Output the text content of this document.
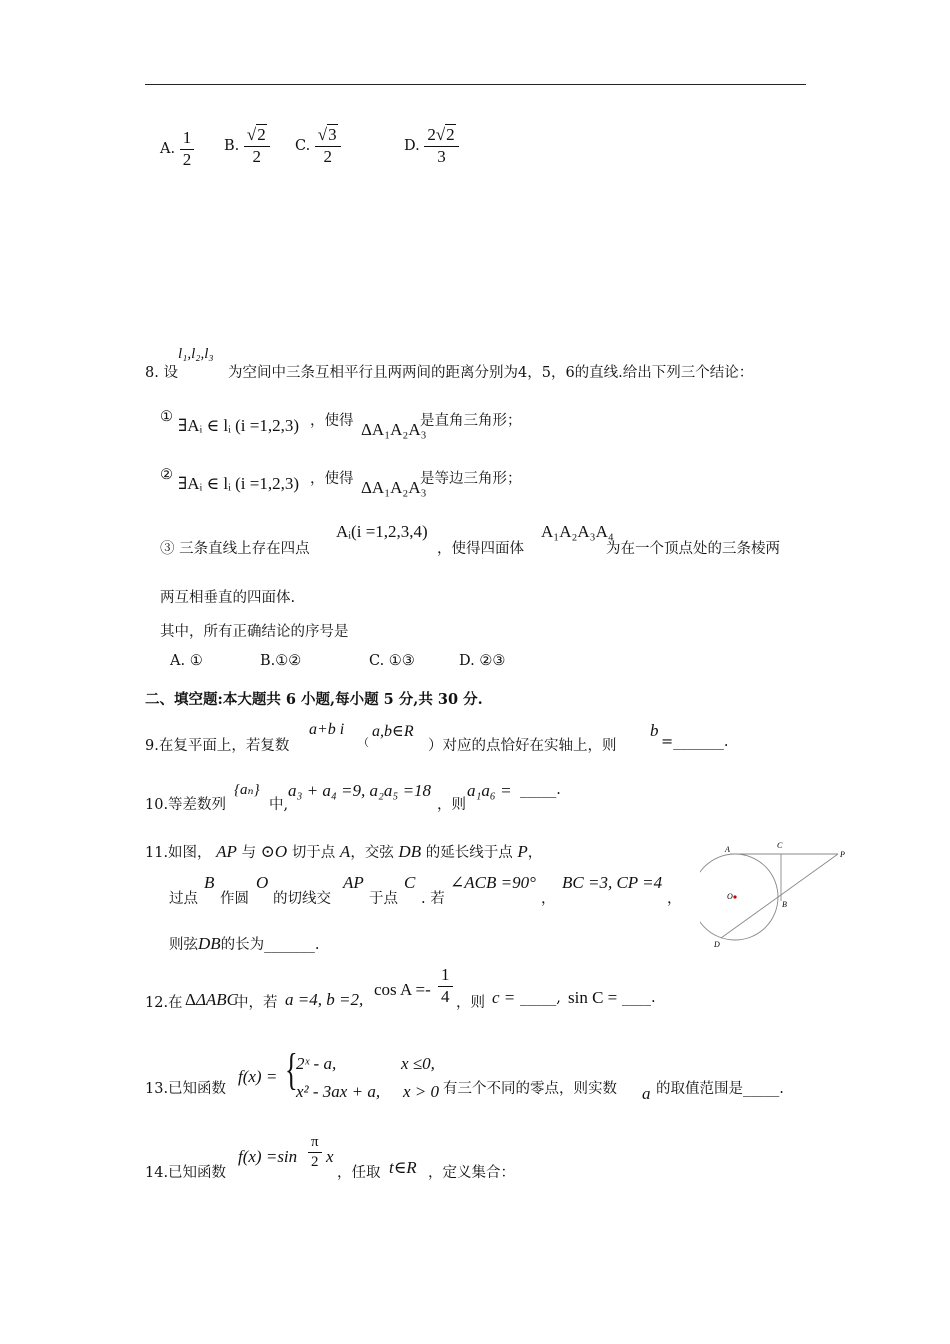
A. $\frac{1}{2} B$. $\frac{√2}{2} C$. $\frac{√3}{2}$	D. $\frac{2√2}{3}$
8. 设
l₁,l₂,l₃
为空间中三条互相平行且两两间的距离分别为4，5，6的直线.给出下列三个结论：
① ∃Aᵢ ∈ lᵢ (i =1,2,3) ，使得 ΔA₁A₂A₃
是直角三角形；
② ∃Aᵢ ∈ lᵢ (i =1,2,3) ，使得 ΔA₁A₂A₃
是等边三角形；
③ 三条直线上存在四点
Aᵢ(i =1,2,3,4)
，使得四面体
A₁A₂A₃A₄
为在一个顶点处的三条棱两
两互相垂直的四面体.
其中，所有正确结论的序号是
A. ①	B.①②	C. ①③	D. ②③
二、填空题:本大题共 6 小题,每小题 5 分,共 30 分.
9.在复平面上，若复数
a+b i
（
a,b∈R
）对应的点恰好在实轴上，则
b
=_______.
10.等差数列
{aₙ}
中,
a₃ + a₄ =9, a₂a₅ =18
，则
a₁a₆ = _____.
11.如图， AP 与 ⊙O 切于点 A，交弦 DB 的延长线于点 P，
过点
B
作圆
O
的切线交
AP
于点
C
. 若
∠ACB =90°
，
BC =3, CP =4
，
则弦DB的长为_______.
A	C
P
O
B
D
12.在 ΔΔABC
中，若 a =4, b =2,
$\cos A =- \frac{1}{4}$ ，则 c = _____, sin C = ____.
13.已知函数
f(x) = {
2ˣ - a,	x ≤0,
x² - 3ax + a, x > 0 有三个不同的零点，则实数 a 的取值范围是_____.
14.已知函数
$f(x) =\sin \frac{\pi}{2}$ x
，任取 t∈R ，定义集合：
